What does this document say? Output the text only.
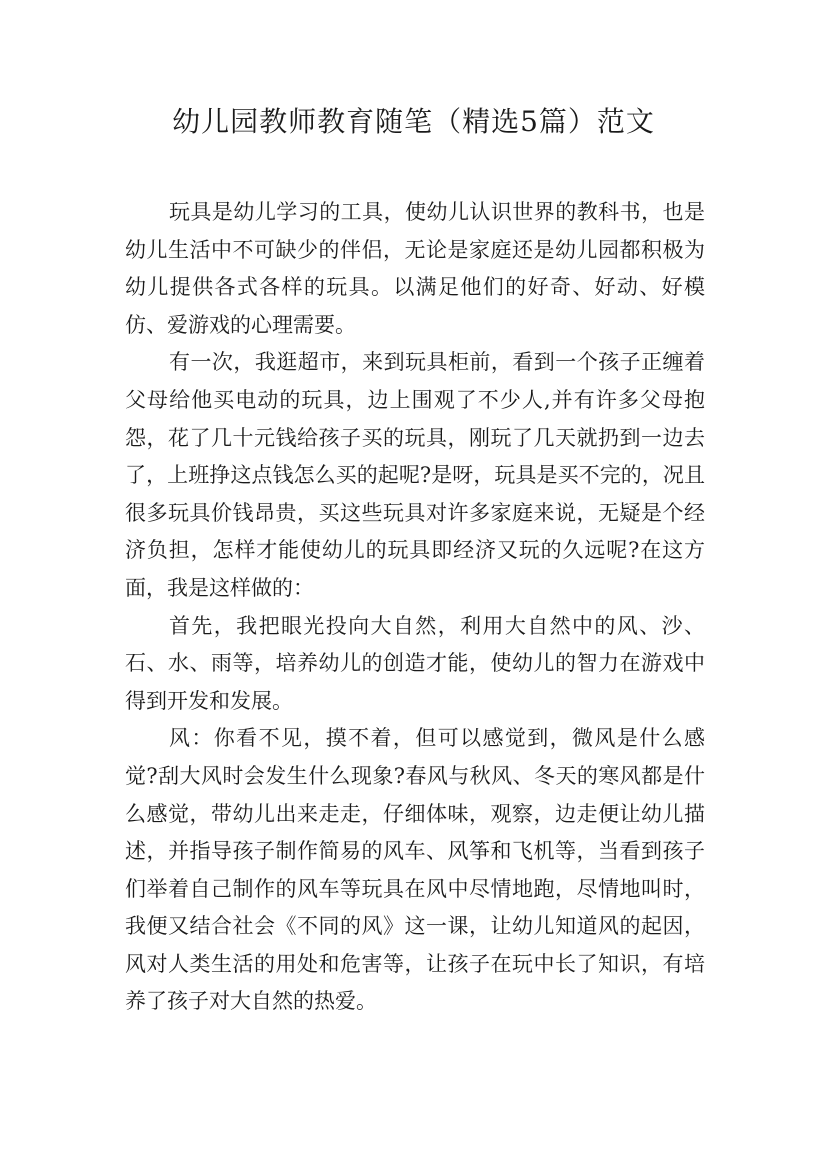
幼儿园教师教育随笔（精选5篇）范文

玩具是幼儿学习的工具，使幼儿认识世界的教科书，也是幼儿生活中不可缺少的伴侣，无论是家庭还是幼儿园都积极为幼儿提供各式各样的玩具。以满足他们的好奇、好动、好模仿、爱游戏的心理需要。

有一次，我逛超市，来到玩具柜前，看到一个孩子正缠着父母给他买电动的玩具，边上围观了不少人,并有许多父母抱怨，花了几十元钱给孩子买的玩具，刚玩了几天就扔到一边去了，上班挣这点钱怎么买的起呢?是呀，玩具是买不完的，况且很多玩具价钱昂贵，买这些玩具对许多家庭来说，无疑是个经济负担，怎样才能使幼儿的玩具即经济又玩的久远呢?在这方面，我是这样做的：

首先，我把眼光投向大自然，利用大自然中的风、沙、石、水、雨等，培养幼儿的创造才能，使幼儿的智力在游戏中得到开发和发展。

风：你看不见，摸不着，但可以感觉到，微风是什么感觉?刮大风时会发生什么现象?春风与秋风、冬天的寒风都是什么感觉，带幼儿出来走走，仔细体味，观察，边走便让幼儿描述，并指导孩子制作简易的风车、风筝和飞机等，当看到孩子们举着自己制作的风车等玩具在风中尽情地跑，尽情地叫时，我便又结合社会《不同的风》这一课，让幼儿知道风的起因，风对人类生活的用处和危害等，让孩子在玩中长了知识，有培养了孩子对大自然的热爱。
